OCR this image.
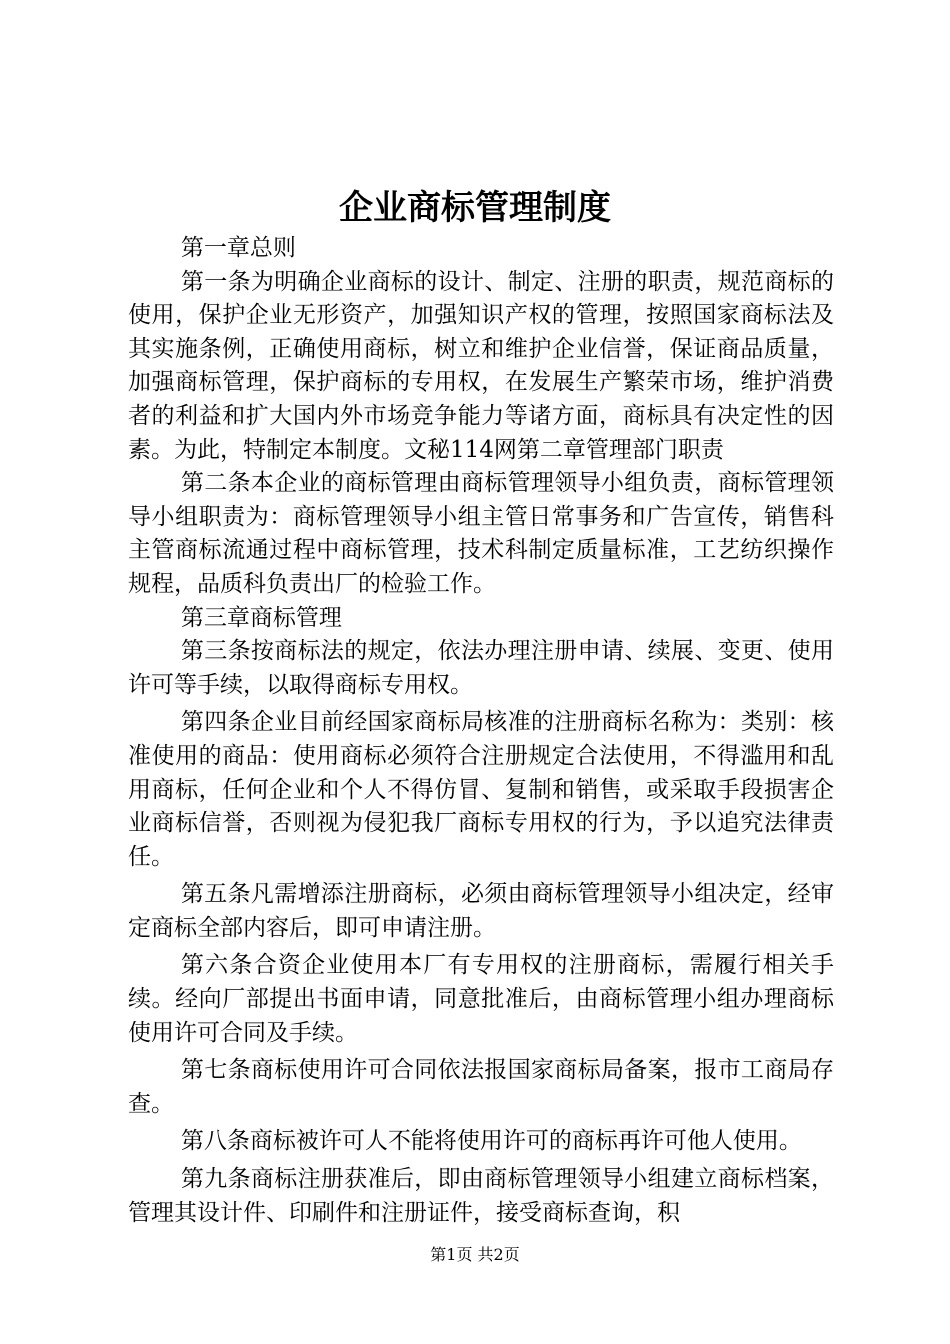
企业商标管理制度

第一章总则

第一条为明确企业商标的设计、制定、注册的职责，规范商标的使用，保护企业无形资产，加强知识产权的管理，按照国家商标法及其实施条例，正确使用商标，树立和维护企业信誉，保证商品质量，加强商标管理，保护商标的专用权，在发展生产繁荣市场，维护消费者的利益和扩大国内外市场竞争能力等诸方面，商标具有决定性的因素。为此，特制定本制度。文秘114网第二章管理部门职责

第二条本企业的商标管理由商标管理领导小组负责，商标管理领导小组职责为：商标管理领导小组主管日常事务和广告宣传，销售科主管商标流通过程中商标管理，技术科制定质量标准，工艺纺织操作规程，品质科负责出厂的检验工作。

第三章商标管理

第三条按商标法的规定，依法办理注册申请、续展、变更、使用许可等手续，以取得商标专用权。

第四条企业目前经国家商标局核准的注册商标名称为：类别：核准使用的商品：使用商标必须符合注册规定合法使用，不得滥用和乱用商标，任何企业和个人不得仿冒、复制和销售，或采取手段损害企业商标信誉，否则视为侵犯我厂商标专用权的行为，予以追究法律责任。

第五条凡需增添注册商标，必须由商标管理领导小组决定，经审定商标全部内容后，即可申请注册。

第六条合资企业使用本厂有专用权的注册商标，需履行相关手续。经向厂部提出书面申请，同意批准后，由商标管理小组办理商标使用许可合同及手续。

第七条商标使用许可合同依法报国家商标局备案，报市工商局存查。

第八条商标被许可人不能将使用许可的商标再许可他人使用。

第九条商标注册获准后，即由商标管理领导小组建立商标档案，管理其设计件、印刷件和注册证件，接受商标查询，积

第1页 共2页
